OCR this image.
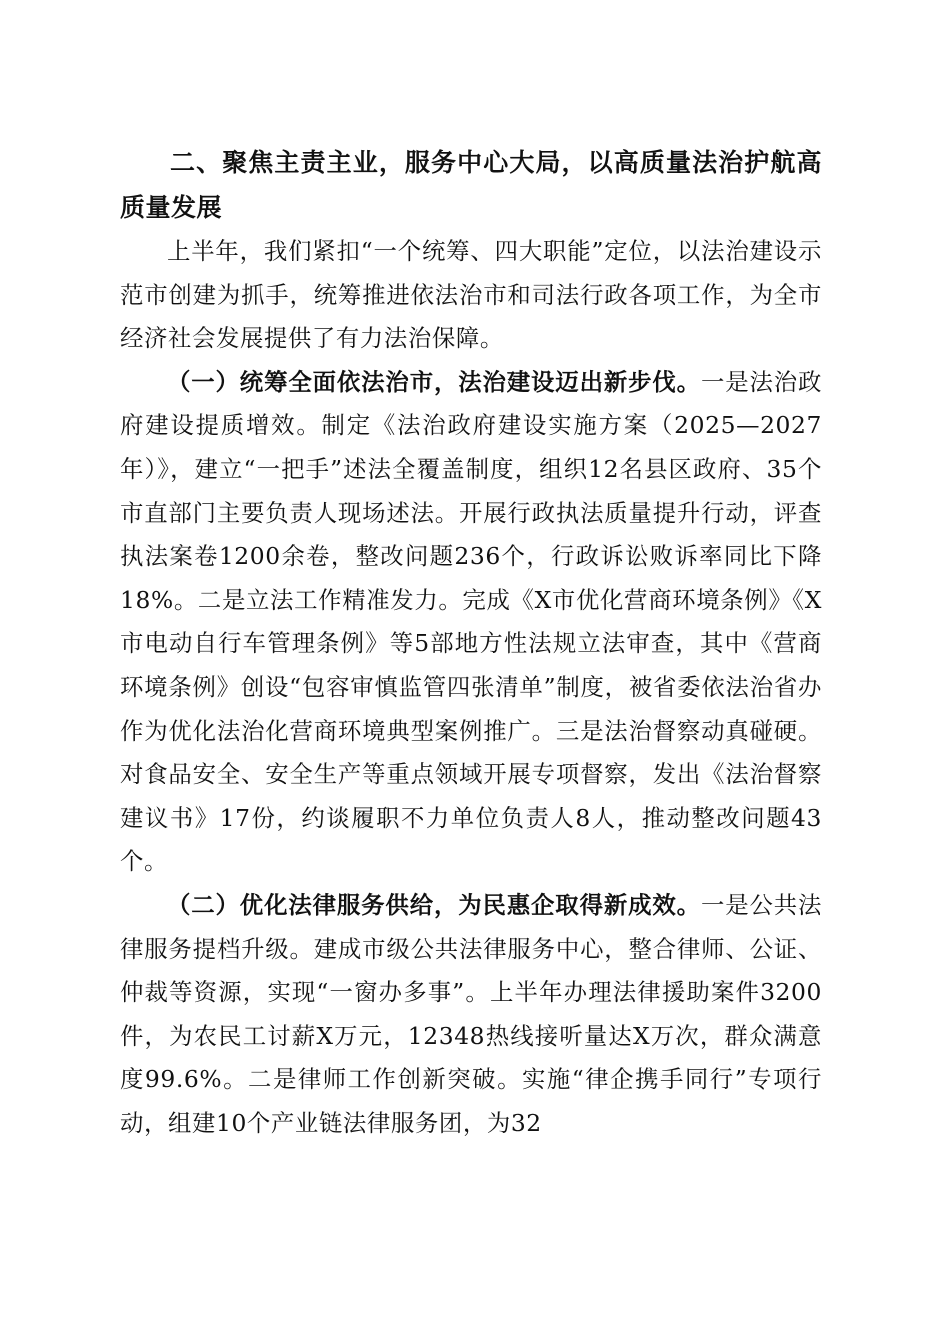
二、聚焦主责主业，服务中心大局，以高质量法治护航高质量发展

上半年，我们紧扣“一个统筹、四大职能”定位，以法治建设示范市创建为抓手，统筹推进依法治市和司法行政各项工作，为全市经济社会发展提供了有力法治保障。

（一）统筹全面依法治市，法治建设迈出新步伐。一是法治政府建设提质增效。制定《法治政府建设实施方案（2025—2027年）》，建立“一把手”述法全覆盖制度，组织12名县区政府、35个市直部门主要负责人现场述法。开展行政执法质量提升行动，评查执法案卷1200余卷，整改问题236个，行政诉讼败诉率同比下降18%。二是立法工作精准发力。完成《X市优化营商环境条例》《X市电动自行车管理条例》等5部地方性法规立法审查，其中《营商环境条例》创设“包容审慎监管四张清单”制度，被省委依法治省办作为优化法治化营商环境典型案例推广。三是法治督察动真碰硬。对食品安全、安全生产等重点领域开展专项督察，发出《法治督察建议书》17份，约谈履职不力单位负责人8人，推动整改问题43个。

（二）优化法律服务供给，为民惠企取得新成效。一是公共法律服务提档升级。建成市级公共法律服务中心，整合律师、公证、仲裁等资源，实现“一窗办多事”。上半年办理法律援助案件3200件，为农民工讨薪X万元，12348热线接听量达X万次，群众满意度99.6%。二是律师工作创新突破。实施“律企携手同行”专项行动，组建10个产业链法律服务团，为32
